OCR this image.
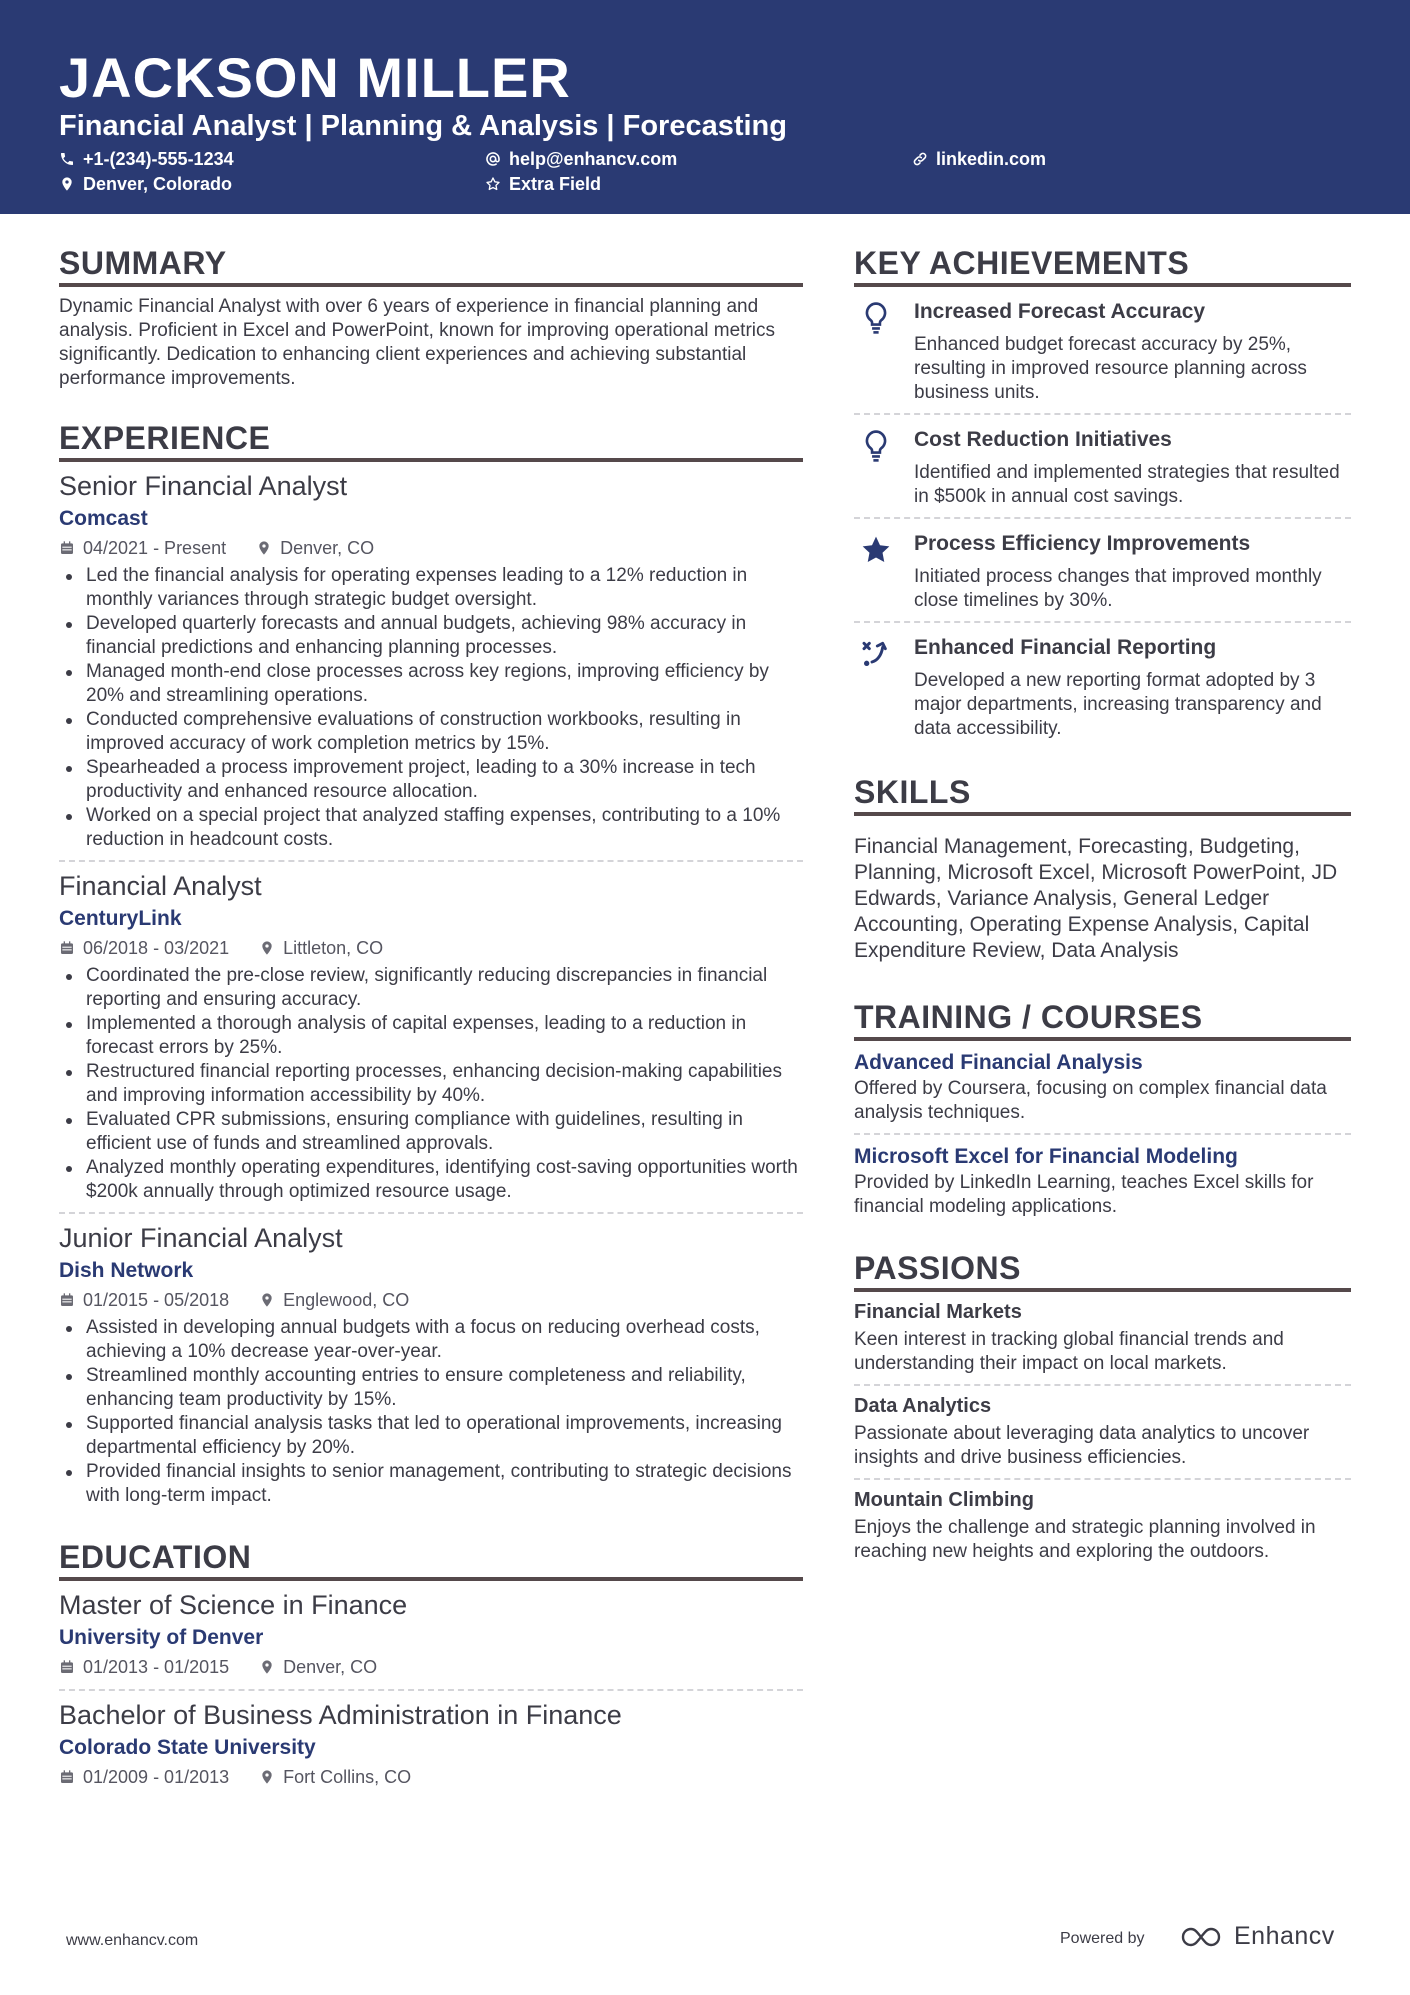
JACKSON MILLER
Financial Analyst | Planning & Analysis | Forecasting
+1-(234)-555-1234	help@enhancv.com	linkedin.com
Denver, Colorado	Extra Field
SUMMARY
Dynamic Financial Analyst with over 6 years of experience in financial planning and analysis. Proficient in Excel and PowerPoint, known for improving operational metrics significantly. Dedication to enhancing client experiences and achieving substantial performance improvements.
EXPERIENCE
Senior Financial Analyst
Comcast
04/2021 - Present	Denver, CO
Led the financial analysis for operating expenses leading to a 12% reduction in monthly variances through strategic budget oversight.
Developed quarterly forecasts and annual budgets, achieving 98% accuracy in financial predictions and enhancing planning processes.
Managed month-end close processes across key regions, improving efficiency by 20% and streamlining operations.
Conducted comprehensive evaluations of construction workbooks, resulting in improved accuracy of work completion metrics by 15%.
Spearheaded a process improvement project, leading to a 30% increase in tech productivity and enhanced resource allocation.
Worked on a special project that analyzed staffing expenses, contributing to a 10% reduction in headcount costs.
Financial Analyst
CenturyLink
06/2018 - 03/2021	Littleton, CO
Coordinated the pre-close review, significantly reducing discrepancies in financial reporting and ensuring accuracy.
Implemented a thorough analysis of capital expenses, leading to a reduction in forecast errors by 25%.
Restructured financial reporting processes, enhancing decision-making capabilities and improving information accessibility by 40%.
Evaluated CPR submissions, ensuring compliance with guidelines, resulting in efficient use of funds and streamlined approvals.
Analyzed monthly operating expenditures, identifying cost-saving opportunities worth $200k annually through optimized resource usage.
Junior Financial Analyst
Dish Network
01/2015 - 05/2018	Englewood, CO
Assisted in developing annual budgets with a focus on reducing overhead costs, achieving a 10% decrease year-over-year.
Streamlined monthly accounting entries to ensure completeness and reliability, enhancing team productivity by 15%.
Supported financial analysis tasks that led to operational improvements, increasing departmental efficiency by 20%.
Provided financial insights to senior management, contributing to strategic decisions with long-term impact.
EDUCATION
Master of Science in Finance
University of Denver
01/2013 - 01/2015	Denver, CO
Bachelor of Business Administration in Finance
Colorado State University
01/2009 - 01/2013	Fort Collins, CO
KEY ACHIEVEMENTS
Increased Forecast Accuracy
Enhanced budget forecast accuracy by 25%, resulting in improved resource planning across business units.
Cost Reduction Initiatives
Identified and implemented strategies that resulted in $500k in annual cost savings.
Process Efficiency Improvements
Initiated process changes that improved monthly close timelines by 30%.
Enhanced Financial Reporting
Developed a new reporting format adopted by 3 major departments, increasing transparency and data accessibility.
SKILLS
Financial Management, Forecasting, Budgeting, Planning, Microsoft Excel, Microsoft PowerPoint, JD Edwards, Variance Analysis, General Ledger Accounting, Operating Expense Analysis, Capital Expenditure Review, Data Analysis
TRAINING / COURSES
Advanced Financial Analysis
Offered by Coursera, focusing on complex financial data analysis techniques.
Microsoft Excel for Financial Modeling
Provided by LinkedIn Learning, teaches Excel skills for financial modeling applications.
PASSIONS
Financial Markets
Keen interest in tracking global financial trends and understanding their impact on local markets.
Data Analytics
Passionate about leveraging data analytics to uncover insights and drive business efficiencies.
Mountain Climbing
Enjoys the challenge and strategic planning involved in reaching new heights and exploring the outdoors.
www.enhancv.com	Powered by	Enhancv
